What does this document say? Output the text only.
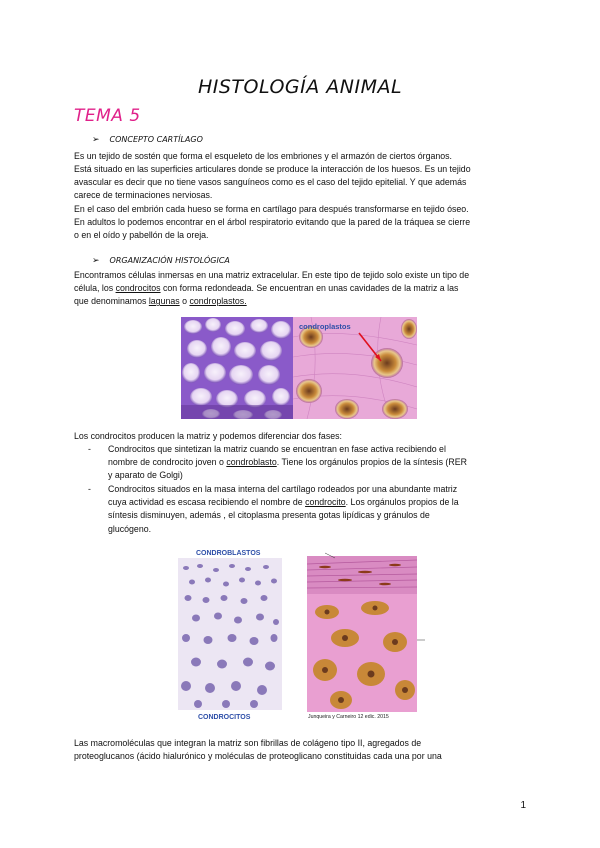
HISTOLOGÍA ANIMAL
TEMA 5
➢ CONCEPTO CARTÍLAGO

Es un tejido de sostén que forma el esqueleto de los embriones y el armazón de ciertos órganos.
Está situado en las superficies articulares donde se produce la interacción de los huesos. Es un tejido
avascular es decir que no tiene vasos sanguíneos como es el caso del tejido epitelial. Y que además
carece de terminaciones nerviosas.

En el caso del embrión cada hueso se forma en cartílago para después transformarse en tejido óseo.
En adultos lo podemos encontrar en el árbol respiratorio evitando que la pared de la tráquea se cierre
o en el oído y pabellón de la oreja.

➢ ORGANIZACIÓN HISTOLÓGICA

Encontramos células inmersas en una matriz extracelular. En este tipo de tejido solo existe un tipo de
célula, los condrocitos con forma redondeada. Se encuentran en unas cavidades de la matriz a las
que denominamos lagunas o condroplastos.

condroplastos

Los condrocitos producen la matriz y podemos diferenciar dos fases:

- Condrocitos que sintetizan la matriz cuando se encuentran en fase activa recibiendo el
nombre de condrocito joven o condroblasto. Tiene los orgánulos propios de la síntesis (RER
y aparato de Golgi)
- Condrocitos situados en la masa interna del cartílago rodeados por una abundante matriz
cuya actividad es escasa recibiendo el nombre de condrocito. Los orgánulos propios de la
síntesis disminuyen, además , el citoplasma presenta gotas lipídicas y gránulos de
glucógeno.
CONDROBLASTOS
CONDROCITOS	Junqueira y Carneiro 12 edic. 2015

Las macromoléculas que integran la matriz son fibrillas de colágeno tipo II, agregados de
proteoglucanos (ácido hialurónico y moléculas de proteoglicano constituidas cada una por una

1
